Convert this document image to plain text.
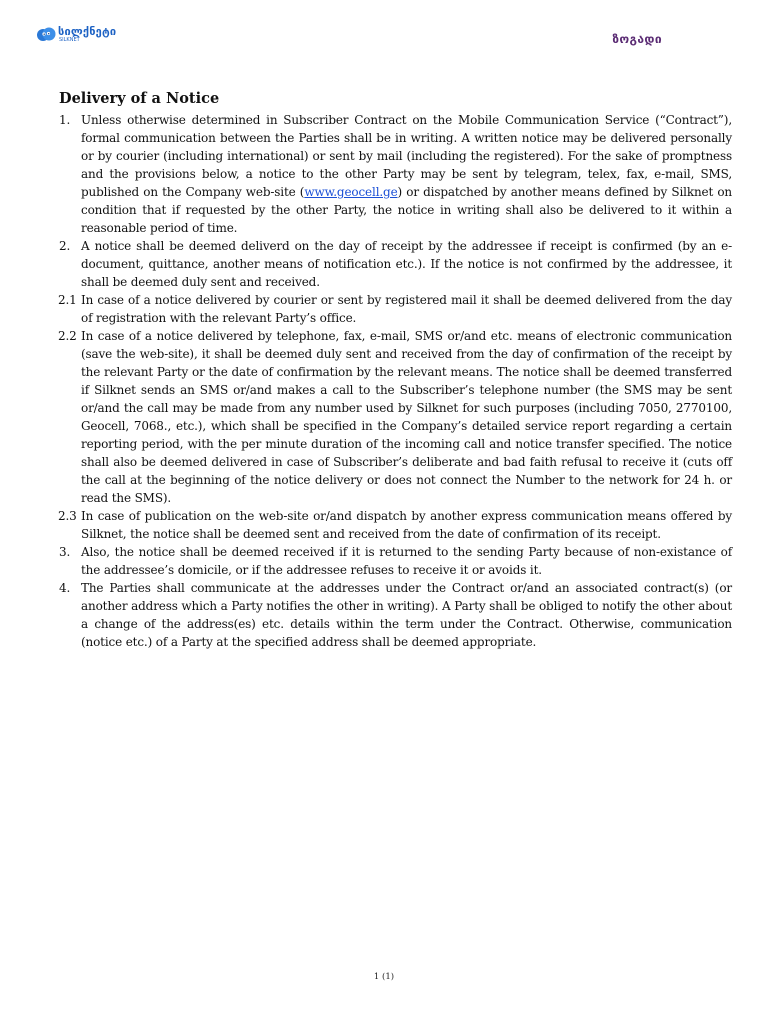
სილქნეტი
SILKNET	ზოგადი
Delivery of a Notice
1. Unless otherwise determined in Subscriber Contract on the Mobile Communication Service (“Contract”), formal communication between the Parties shall be in writing. A written notice may be delivered personally or by courier (including international) or sent by mail (including the registered). For the sake of promptness and the provisions below, a notice to the other Party may be sent by telegram, telex, fax, e-mail, SMS, published on the Company web-site (www.geocell.ge) or dispatched by another means defined by Silknet on condition that if requested by the other Party, the notice in writing shall also be delivered to it within a reasonable period of time.
2. A notice shall be deemed deliverd on the day of receipt by the addressee if receipt is confirmed (by an e-document, quittance, another means of notification etc.). If the notice is not confirmed by the addressee, it shall be deemed duly sent and received.
2.1 In case of a notice delivered by courier or sent by registered mail it shall be deemed delivered from the day of registration with the relevant Party’s office.
2.2 In case of a notice delivered by telephone, fax, e-mail, SMS or/and etc. means of electronic communication (save the web-site), it shall be deemed duly sent and received from the day of confirmation of the receipt by the relevant Party or the date of confirmation by the relevant means. The notice shall be deemed transferred if Silknet sends an SMS or/and makes a call to the Subscriber’s telephone number (the SMS may be sent or/and the call may be made from any number used by Silknet for such purposes (including 7050, 2770100, Geocell, 7068., etc.), which shall be specified in the Company’s detailed service report regarding a certain reporting period, with the per minute duration of the incoming call and notice transfer specified. The notice shall also be deemed delivered in case of Subscriber’s deliberate and bad faith refusal to receive it (cuts off the call at the beginning of the notice delivery or does not connect the Number to the network for 24 h. or read the SMS).
2.3 In case of publication on the web-site or/and dispatch by another express communication means offered by Silknet, the notice shall be deemed sent and received from the date of confirmation of its receipt.
3. Also, the notice shall be deemed received if it is returned to the sending Party because of non-existance of the addressee’s domicile, or if the addressee refuses to receive it or avoids it.
4. The Parties shall communicate at the addresses under the Contract or/and an associated contract(s) (or another address which a Party notifies the other in writing). A Party shall be obliged to notify the other about a change of the address(es) etc. details within the term under the Contract. Otherwise, communication (notice etc.) of a Party at the specified address shall be deemed appropriate.
1 (1)
